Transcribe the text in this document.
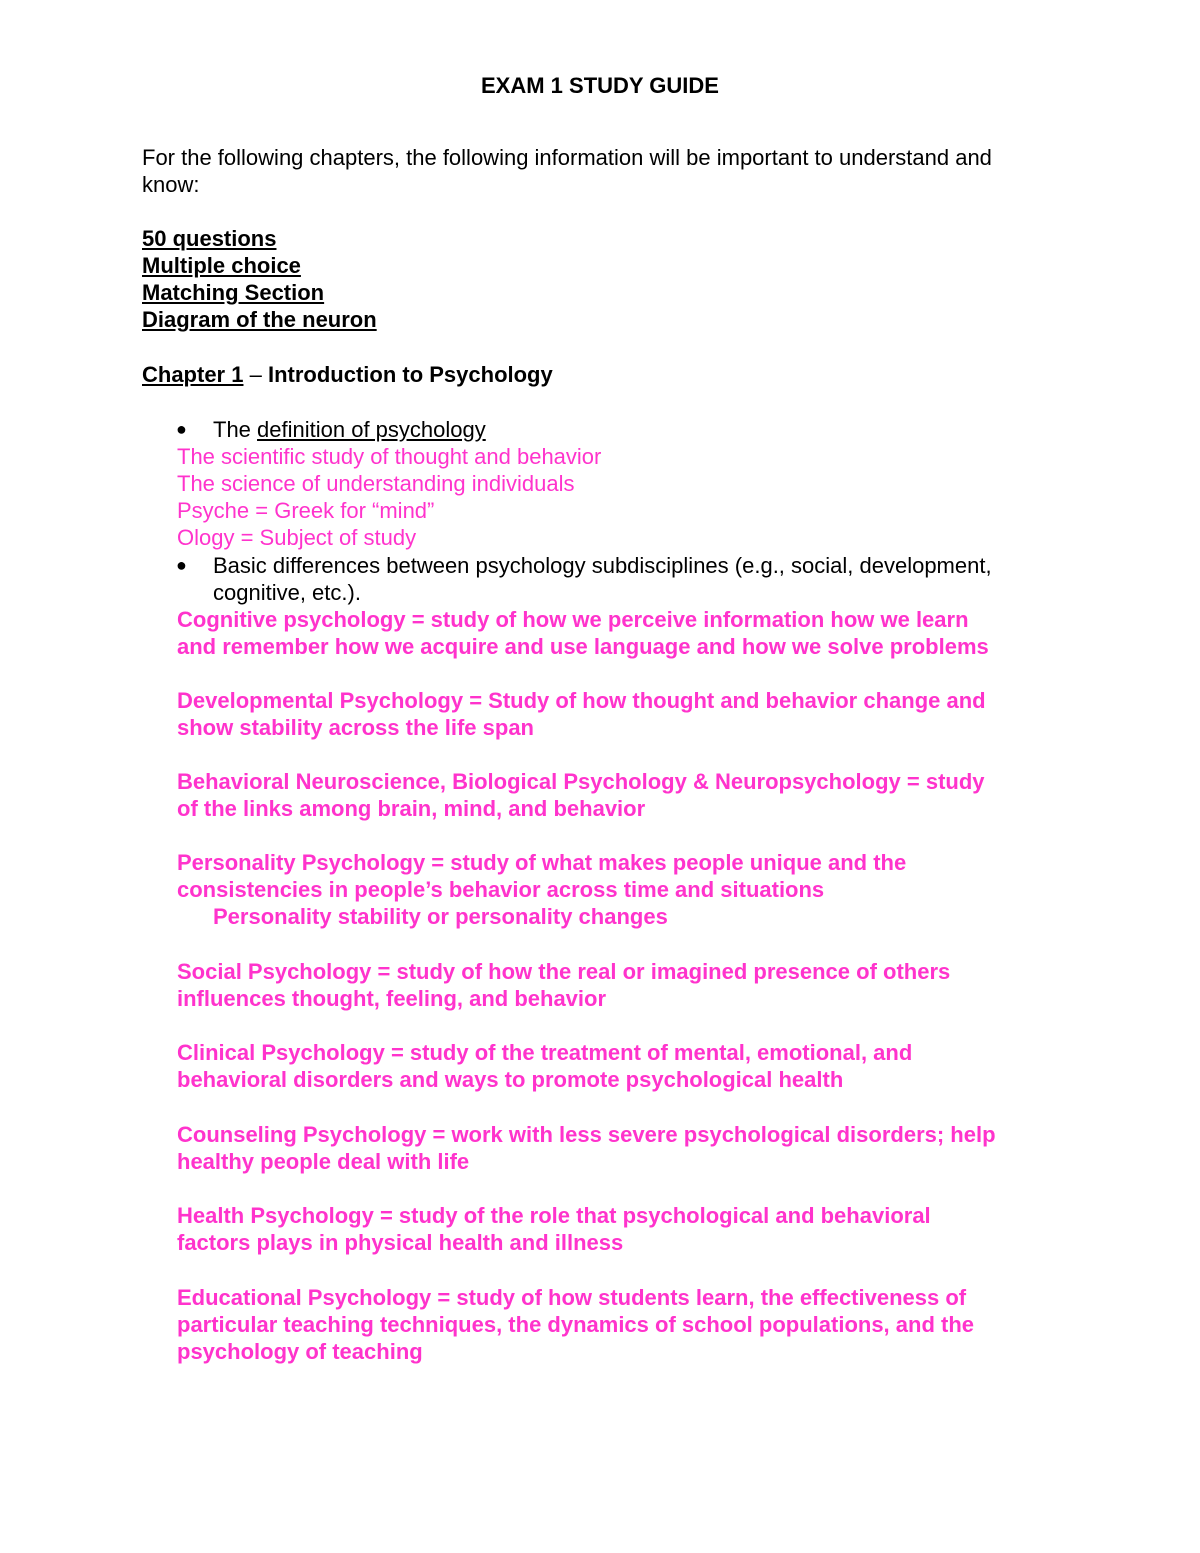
EXAM 1 STUDY GUIDE
For the following chapters, the following information will be important to understand and
know:
50 questions
Multiple choice
Matching Section
Diagram of the neuron
Chapter 1 – Introduction to Psychology
● The definition of psychology
The scientific study of thought and behavior
The science of understanding individuals
Psyche = Greek for “mind”
Ology = Subject of study
● Basic differences between psychology subdisciplines (e.g., social, development,
cognitive, etc.).
Cognitive psychology = study of how we perceive information how we learn
and remember how we acquire and use language and how we solve problems
Developmental Psychology = Study of how thought and behavior change and
show stability across the life span
Behavioral Neuroscience, Biological Psychology & Neuropsychology = study
of the links among brain, mind, and behavior
Personality Psychology = study of what makes people unique and the
consistencies in people’s behavior across time and situations
Personality stability or personality changes
Social Psychology = study of how the real or imagined presence of others
influences thought, feeling, and behavior
Clinical Psychology = study of the treatment of mental, emotional, and
behavioral disorders and ways to promote psychological health
Counseling Psychology = work with less severe psychological disorders; help
healthy people deal with life
Health Psychology = study of the role that psychological and behavioral
factors plays in physical health and illness
Educational Psychology = study of how students learn, the effectiveness of
particular teaching techniques, the dynamics of school populations, and the
psychology of teaching
